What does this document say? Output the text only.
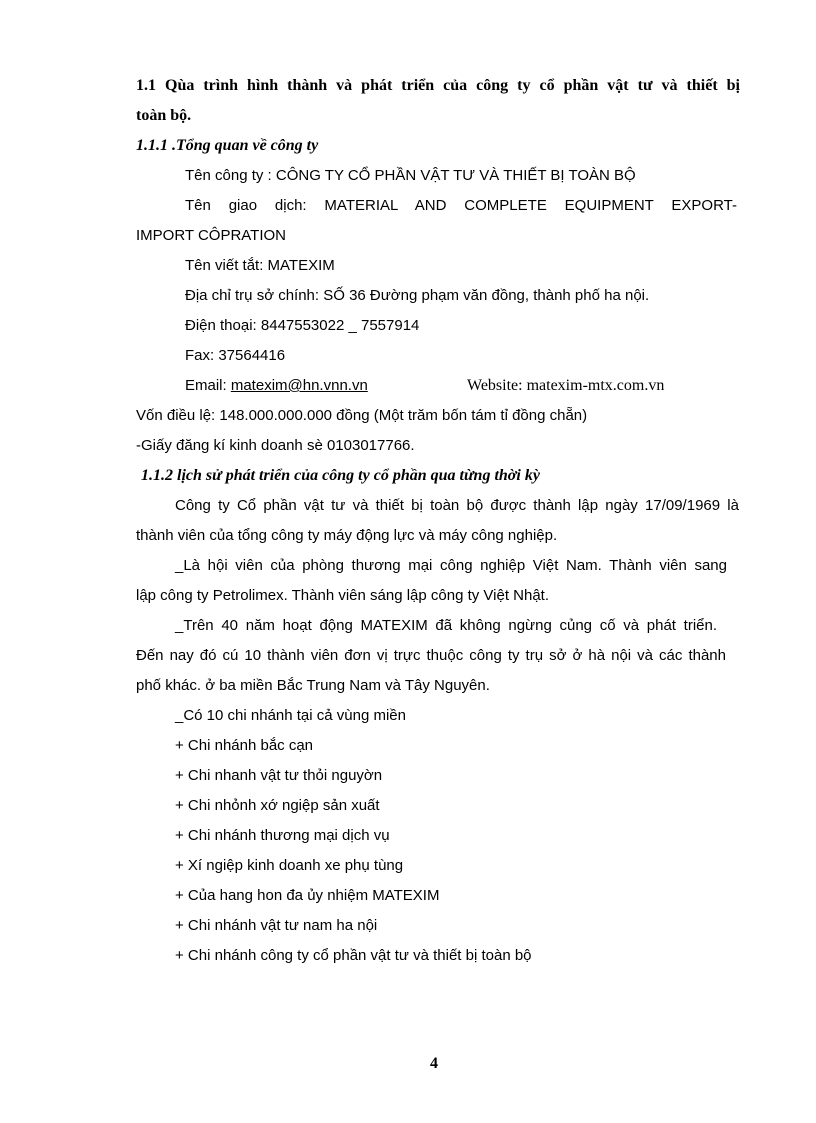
1.1 Qùa trình hình thành và phát triển của công ty cổ phần vật tư và thiết bị
toàn bộ.
1.1.1 .Tổng quan về công ty
Tên công ty : CÔNG TY CỔ PHẦN VẬT TƯ VÀ THIẾT BỊ TOÀN BỘ
Tên giao dịch: MATERIAL AND COMPLETE EQUIPMENT EXPORT-
IMPORT CÔPRATION
Tên viết tắt: MATEXIM
Địa chỉ trụ sở chính: SỐ 36 Đường phạm văn đồng, thành phố ha nội.
Điện thoại: 8447553022 _ 7557914
Fax: 37564416
Email: matexim@hn.vnn.vn	Website: matexim-mtx.com.vn
Vốn điều lệ: 148.000.000.000 đồng (Một trăm bốn tám tỉ đồng chẵn)
-Giấy đăng kí kinh doanh sè 0103017766.
1.1.2 lịch sử phát triển của công ty cổ phần qua từng thời kỳ
Công ty Cổ phần vật tư và thiết bị toàn bộ được thành lập ngày 17/09/1969 là
thành viên của tổng công ty máy động lực và máy công nghiệp.
_Là hội viên của phòng thương mại công nghiệp Việt Nam. Thành viên sang
lập công ty Petrolimex. Thành viên sáng lập công ty Việt Nhật.
_Trên 40 năm hoạt động MATEXIM đã không ngừng củng cố và phát triển.
Đến nay đó cú 10 thành viên đơn vị trực thuộc công ty trụ sở ở hà nội và các thành
phố khác. ở ba miền Bắc Trung Nam và Tây Nguyên.
_Có 10 chi nhánh tại cả vùng miền
+ Chi nhánh bắc cạn
+ Chi nhanh vật tư thỏi nguyờn
+ Chi nhỏnh xớ ngiệp sản xuất
+ Chi nhánh thương mại dịch vụ
+ Xí ngiệp kinh doanh xe phụ tùng
+ Của hang hon đa ủy nhiệm MATEXIM
+ Chi nhánh vật tư nam ha nội
+ Chi nhánh công ty cổ phần vật tư và thiết bị toàn bộ
4
